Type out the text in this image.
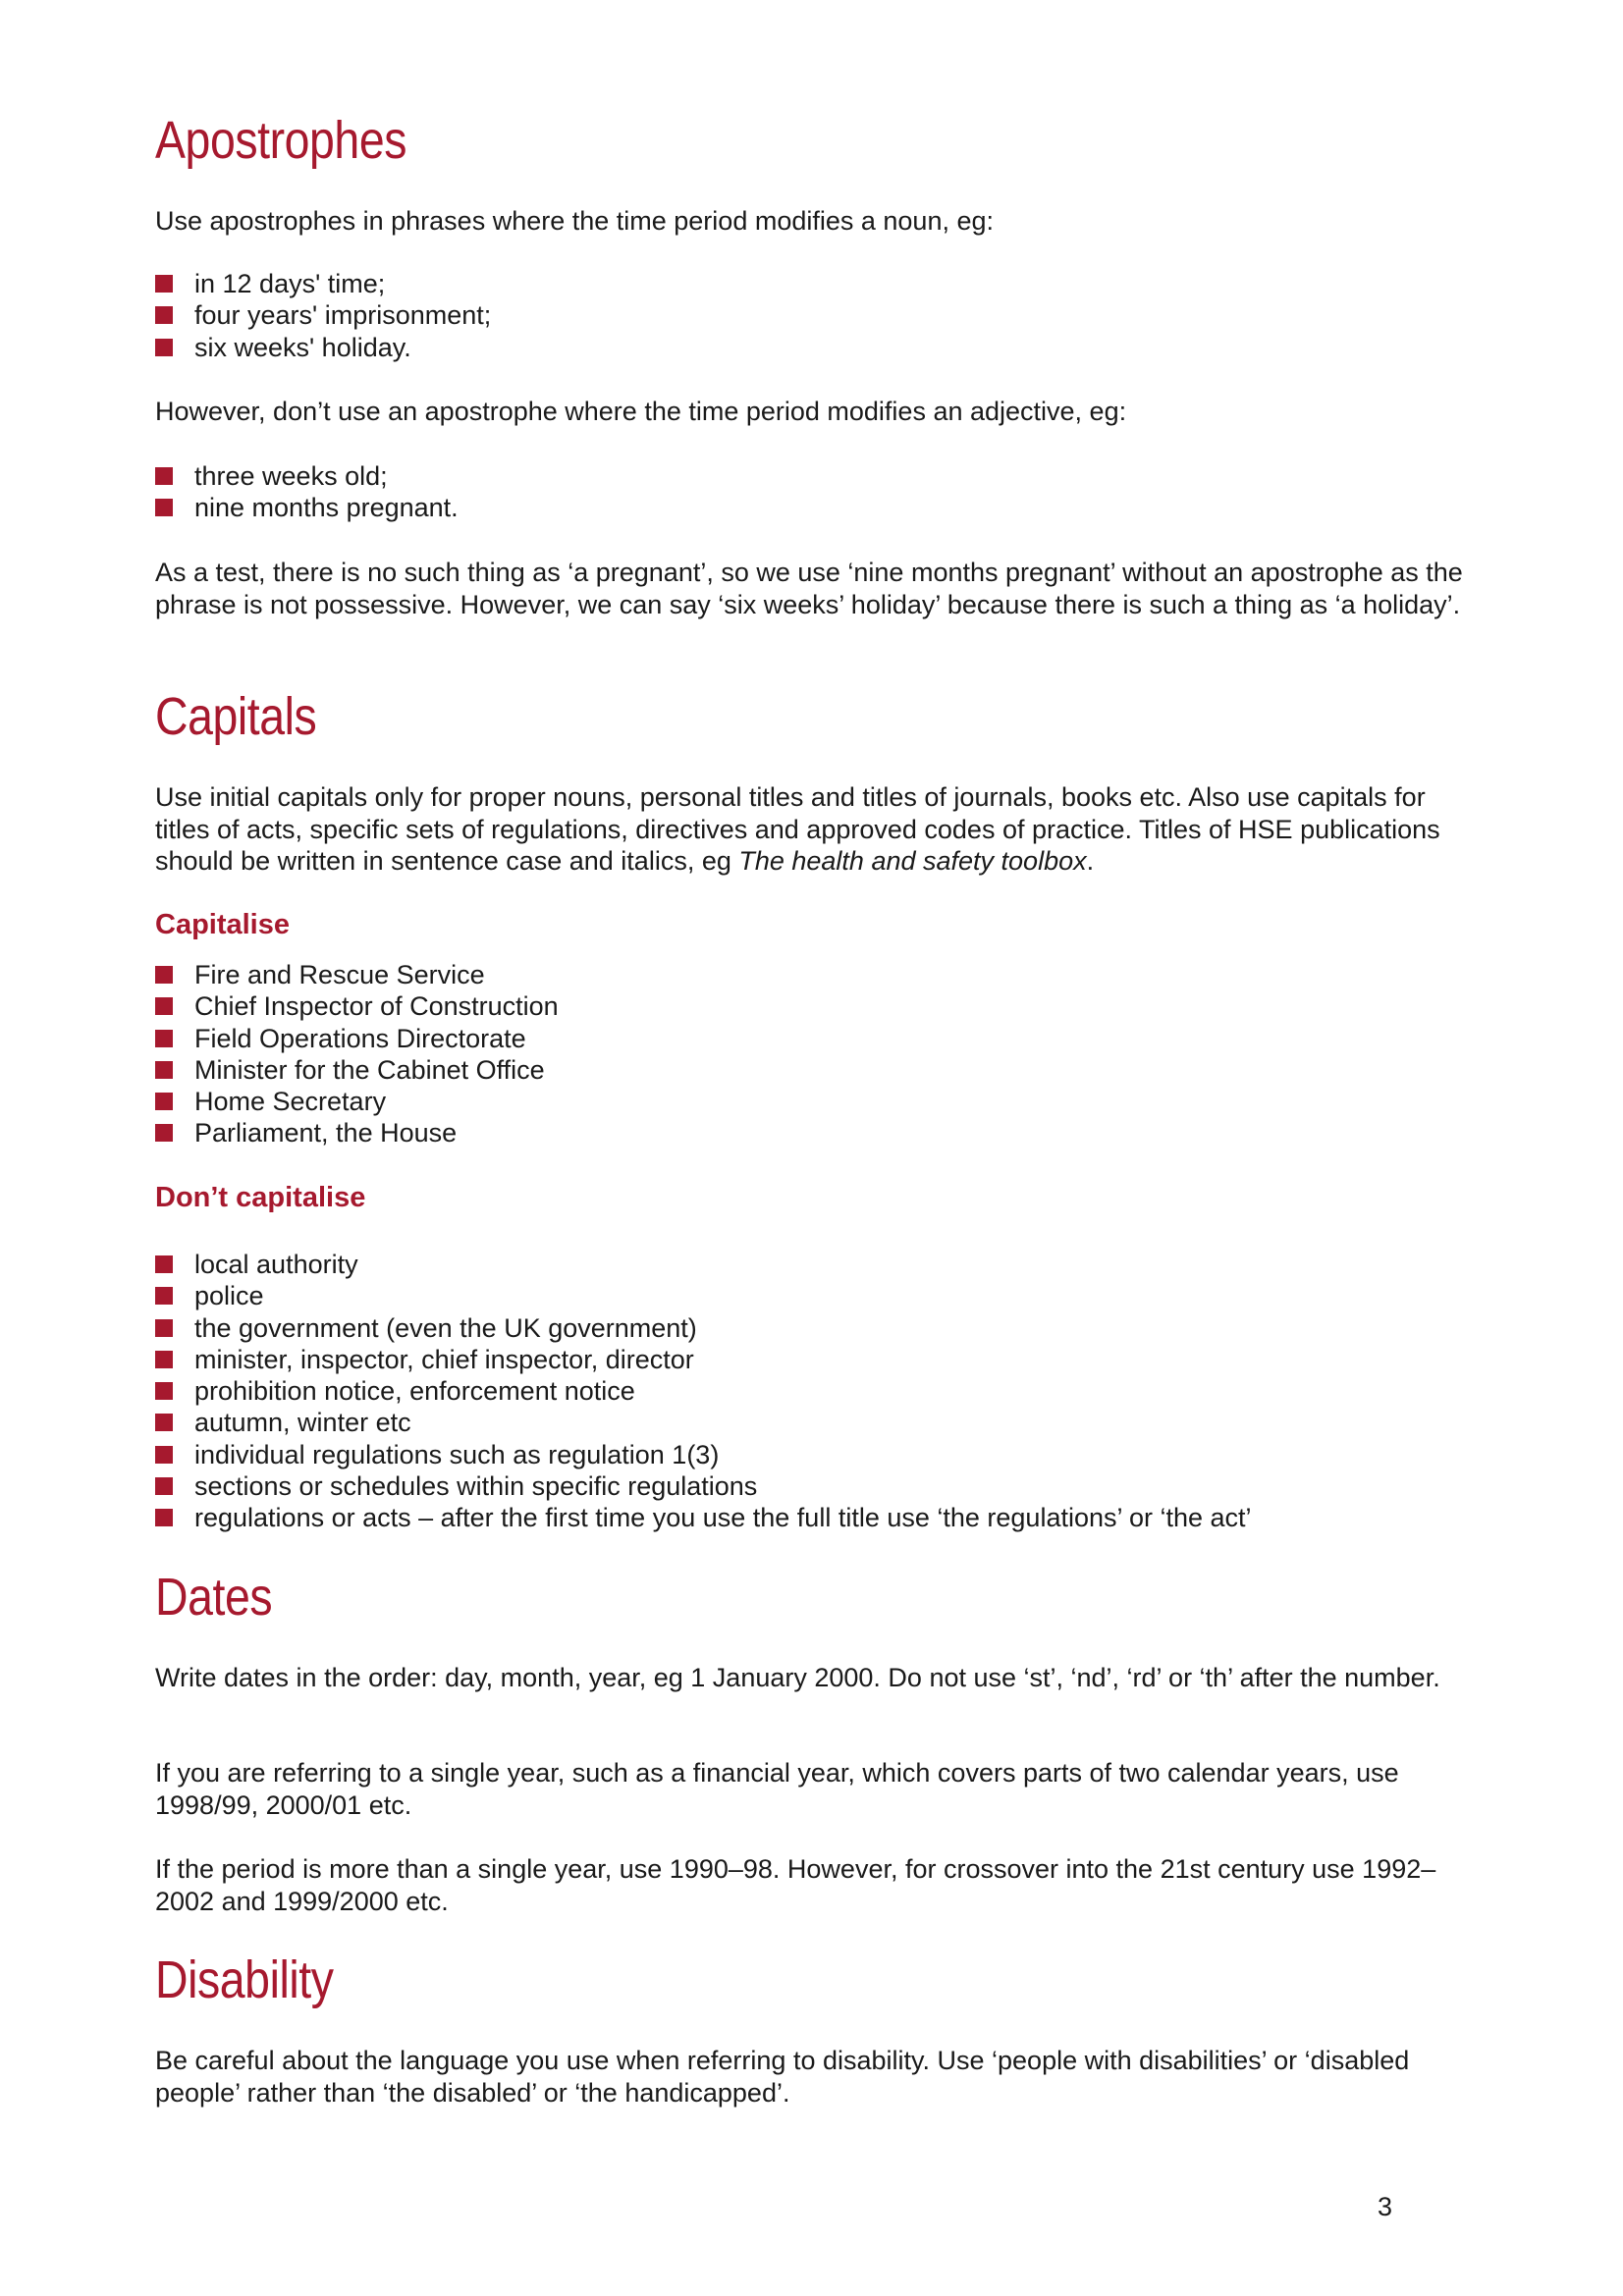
Apostrophes

Use apostrophes in phrases where the time period modifies a noun, eg:

in 12 days' time;
four years' imprisonment;
six weeks' holiday.

However, don’t use an apostrophe where the time period modifies an adjective, eg:

three weeks old;
nine months pregnant.

As a test, there is no such thing as ‘a pregnant’, so we use ‘nine months pregnant’ without an apostrophe as the phrase is not possessive. However, we can say ‘six weeks’ holiday’ because there is such a thing as ‘a holiday’.

Capitals

Use initial capitals only for proper nouns, personal titles and titles of journals, books etc. Also use capitals for titles of acts, specific sets of regulations, directives and approved codes of practice. Titles of HSE publications should be written in sentence case and italics, eg The health and safety toolbox.

Capitalise
Fire and Rescue Service
Chief Inspector of Construction
Field Operations Directorate
Minister for the Cabinet Office
Home Secretary
Parliament, the House
Don’t capitalise
local authority
police
the government (even the UK government)
minister, inspector, chief inspector, director
prohibition notice, enforcement notice
autumn, winter etc
individual regulations such as regulation 1(3)
sections or schedules within specific regulations
regulations or acts – after the first time you use the full title use ‘the regulations’ or ‘the act’
Dates

Write dates in the order: day, month, year, eg 1 January 2000. Do not use ‘st’, ‘nd’, ‘rd’ or ‘th’ after the number.

If you are referring to a single year, such as a financial year, which covers parts of two calendar years, use 1998/99, 2000/01 etc.

If the period is more than a single year, use 1990–98. However, for crossover into the 21st century use 1992–2002 and 1999/2000 etc.

Disability

Be careful about the language you use when referring to disability. Use ‘people with disabilities’ or ‘disabled people’ rather than ‘the disabled’ or ‘the handicapped’.

3
